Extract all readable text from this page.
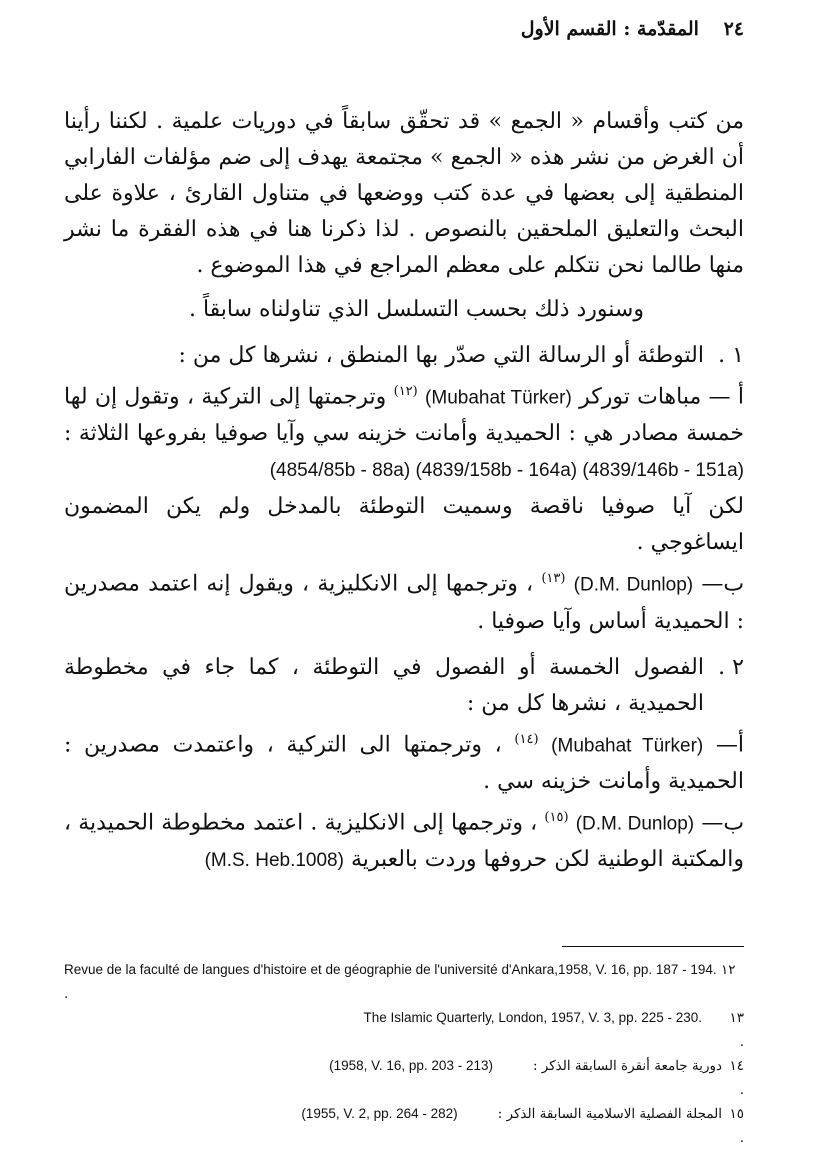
٢٤ المقدّمة : القسم الأول

من كتب وأقسام « الجمع » قد تحقّق سابقاً في دوريات علمية . لكننا رأينا أن الغرض من نشر هذه « الجمع » مجتمعة يهدف إلى ضم مؤلفات الفارابي المنطقية إلى بعضها في عدة كتب ووضعها في متناول القارئ ، علاوة على البحث والتعليق الملحقين بالنصوص . لذا ذكرنا هنا في هذه الفقرة ما نشر منها طالما نحن نتكلم على معظم المراجع في هذا الموضوع .

وسنورد ذلك بحسب التسلسل الذي تناولناه سابقاً .

١ .
التوطئة أو الرسالة التي صدّر بها المنطق ، نشرها كل من :

أ — مباهات توركر (Mubahat Türker) $^{(١٢)}$ وترجمتها إلى التركية ، وتقول إن لها خمسة مصادر هي : الحميدية وأمانت خزينه سي وآيا صوفيا بفروعها الثلاثة : (4854/85b - 88a) (4839/158b - 164a) (4839/146b - 151a)

لكن آيا صوفيا ناقصة وسميت التوطئة بالمدخل ولم يكن المضمون ايساغوجي .

ب— (D.M. Dunlop) $^{(١٣)}$ ، وترجمها إلى الانكليزية ، ويقول إنه اعتمد مصدرين : الحميدية أساس وآيا صوفيا .

٢ .
الفصول الخمسة أو الفصول في التوطئة ، كما جاء في مخطوطة الحميدية ، نشرها كل من :

أ— (Mubahat Türker) $^{(١٤)}$ ، وترجمتها الى التركية ، واعتمدت مصدرين : الحميدية وأمانت خزينه سي .

ب— (D.M. Dunlop) $^{(١٥)}$ ، وترجمها إلى الانكليزية . اعتمد مخطوطة الحميدية ، والمكتبة الوطنية لكن حروفها وردت بالعبرية (M.S. Heb.1008)

Revue de la faculté de langues d'histoire et de géographie de l'université d'Ankara,1958, V. 16, pp. 187 - 194. ١٢ .
١٣ .
The Islamic Quarterly, London, 1957, V. 3, pp. 225 - 230.
١٤ .
دورية جامعة أنقرة السابقة الذكر :
(1958, V. 16, pp. 203 - 213)
١٥ .
المجلة الفصلية الاسلامية السابقة الذكر :
(1955, V. 2, pp. 264 - 282)
